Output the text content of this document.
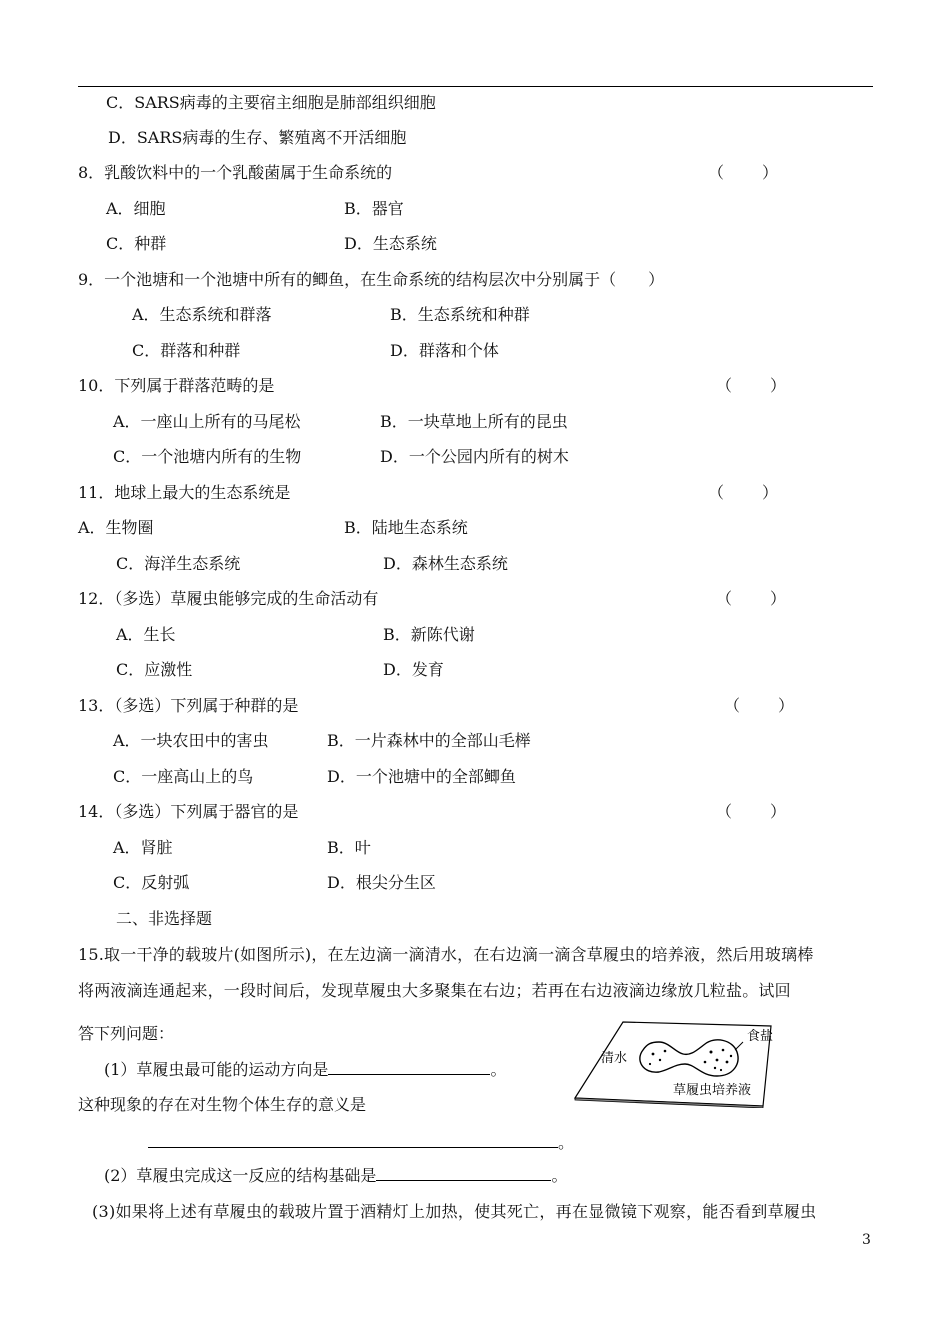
C．SARS病毒的主要宿主细胞是肺部组织细胞
D．SARS病毒的生存、繁殖离不开活细胞
8．乳酸饮料中的一个乳酸菌属于生命系统的	（　　）
A．细胞	B．器官
C．种群	D．生态系统
9．一个池塘和一个池塘中所有的鲫鱼，在生命系统的结构层次中分别属于（　　）
A．生态系统和群落	B．生态系统和种群
C．群落和种群	D．群落和个体
10．下列属于群落范畴的是	（　　）
A．一座山上所有的马尾松	B．一块草地上所有的昆虫
C．一个池塘内所有的生物	D．一个公园内所有的树木
11．地球上最大的生态系统是	（　　）
A．生物圈	B．陆地生态系统
C．海洋生态系统	D．森林生态系统
12．（多选）草履虫能够完成的生命活动有	（　　）
A．生长	B．新陈代谢
C．应激性	D．发育
13．（多选）下列属于种群的是	（　　）
A．一块农田中的害虫	B．一片森林中的全部山毛榉
C．一座高山上的鸟	D．一个池塘中的全部鲫鱼
14．（多选）下列属于器官的是	（　　）
A．肾脏	B．叶
C．反射弧	D．根尖分生区
二、非选择题
15.取一干净的载玻片(如图所示)，在左边滴一滴清水，在右边滴一滴含草履虫的培养液，然后用玻璃棒
将两液滴连通起来，一段时间后，发现草履虫大多聚集在右边；若再在右边液滴边缘放几粒盐。试回
答下列问题：
(1）草履虫最可能的运动方向是	。
这种现象的存在对生物个体生存的意义是
。
(2）草履虫完成这一反应的结构基础是	。
(3)如果将上述有草履虫的载玻片置于酒精灯上加热，使其死亡，再在显微镜下观察，能否看到草履虫
清水
食盐
草履虫培养液
3
